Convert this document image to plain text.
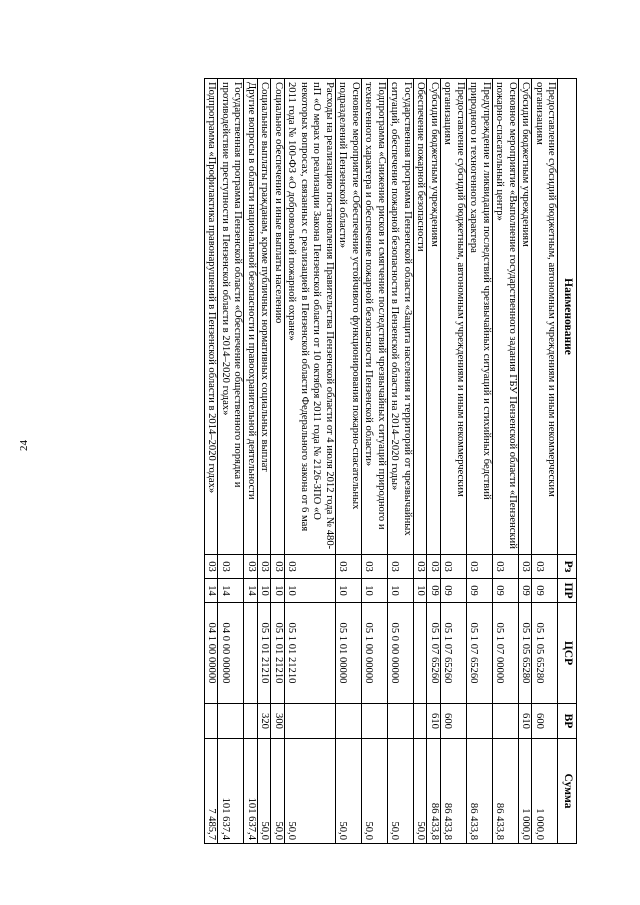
24
Наименование	Рз	ПР	ЦСР	ВР	Сумма
Предоставление субсидий бюджетным, автономным учреждениям и иным некоммерческим организациям	03	09	05 1 05 65280	600	1 000,0
Субсидии бюджетным учреждениям	03	09	05 1 05 65280	610	1 000,0
Основное мероприятие «Выполнение государственного задания ГБУ Пензенской области «Пензенский пожарно-спасательный центр»	03	09	05 1 07 00000		86 433,8
Предупреждение и ликвидация последствий чрезвычайных ситуаций и стихийных бедствий природного и техногенного характера	03	09	05 1 07 65260		86 433,8
Предоставление субсидий бюджетным, автономным учреждениям и иным некоммерческим организациям	03	09	05 1 07 65260	600	86 433,8
Субсидии бюджетным учреждениям	03	09	05 1 07 65260	610	86 433,8
Обеспечение пожарной безопасности	03	10			50,0
Государственная программа Пензенской области «Защита населения и территорий от чрезвычайных ситуаций, обеспечение пожарной безопасности в Пензенской области на 2014–2020 годы»	03	10	05 0 00 00000		50,0
Подпрограмма «Снижение рисков и смягчение последствий чрезвычайных ситуаций природного и техногенного характера и обеспечение пожарной безопасности Пензенской области»	03	10	05 1 00 00000		50,0
Основное мероприятие «Обеспечение устойчивого функционирования пожарно-спасательных подразделений Пензенской области»	03	10	05 1 01 00000		50,0
Расходы на реализацию постановления Правительства Пензенской области от 4 июля 2012 года № 480-пП «О мерах по реализации Закона Пензенской области от 10 октября 2011 года № 2126-ЗПО «О некоторых вопросах, связанных с реализацией в Пензенской области Федерального закона от 6 мая 2011 года № 100-ФЗ «О добровольной пожарной охране»	03	10	05 1 01 21210		50,0
Социальное обеспечение и иные выплаты населению	03	10	05 1 01 21210	300	50,0
Социальные выплаты гражданам, кроме публичных нормативных социальных выплат	03	10	05 1 01 21210	320	50,0
Другие вопросы в области национальной безопасности и правоохранительной деятельности	03	14			101 637,4
Государственная программа Пензенской области «Обеспечение общественного порядка и противодействие преступности в Пензенской области в 2014–2020 годах»	03	14	04 0 00 00000		101 637,4
Подпрограмма «Профилактика правонарушений в Пензенской области в 2014–2020 годах»	03	14	04 1 00 00000		7 485,7
